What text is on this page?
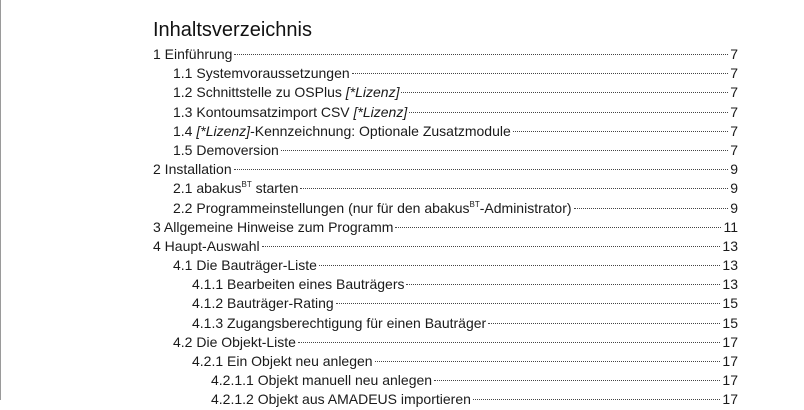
Inhaltsverzeichnis
1 Einführung	7
1.1 Systemvoraussetzungen	7
1.2 Schnittstelle zu OSPlus [*Lizenz]	7
1.3 Kontoumsatzimport CSV [*Lizenz]	7
1.4 [*Lizenz]-Kennzeichnung: Optionale Zusatzmodule	7
1.5 Demoversion	7
2 Installation	9
2.1 abakus$^{BT}$ starten	9
2.2 Programmeinstellungen (nur für den abakus$^{BT}$-Administrator)	9
3 Allgemeine Hinweise zum Programm	11
4 Haupt-Auswahl	13
4.1 Die Bauträger-Liste	13
4.1.1 Bearbeiten eines Bauträgers	13
4.1.2 Bauträger-Rating	15
4.1.3 Zugangsberechtigung für einen Bauträger	15
4.2 Die Objekt-Liste	17
4.2.1 Ein Objekt neu anlegen	17
4.2.1.1 Objekt manuell neu anlegen	17
4.2.1.2 Objekt aus AMADEUS importieren	17
